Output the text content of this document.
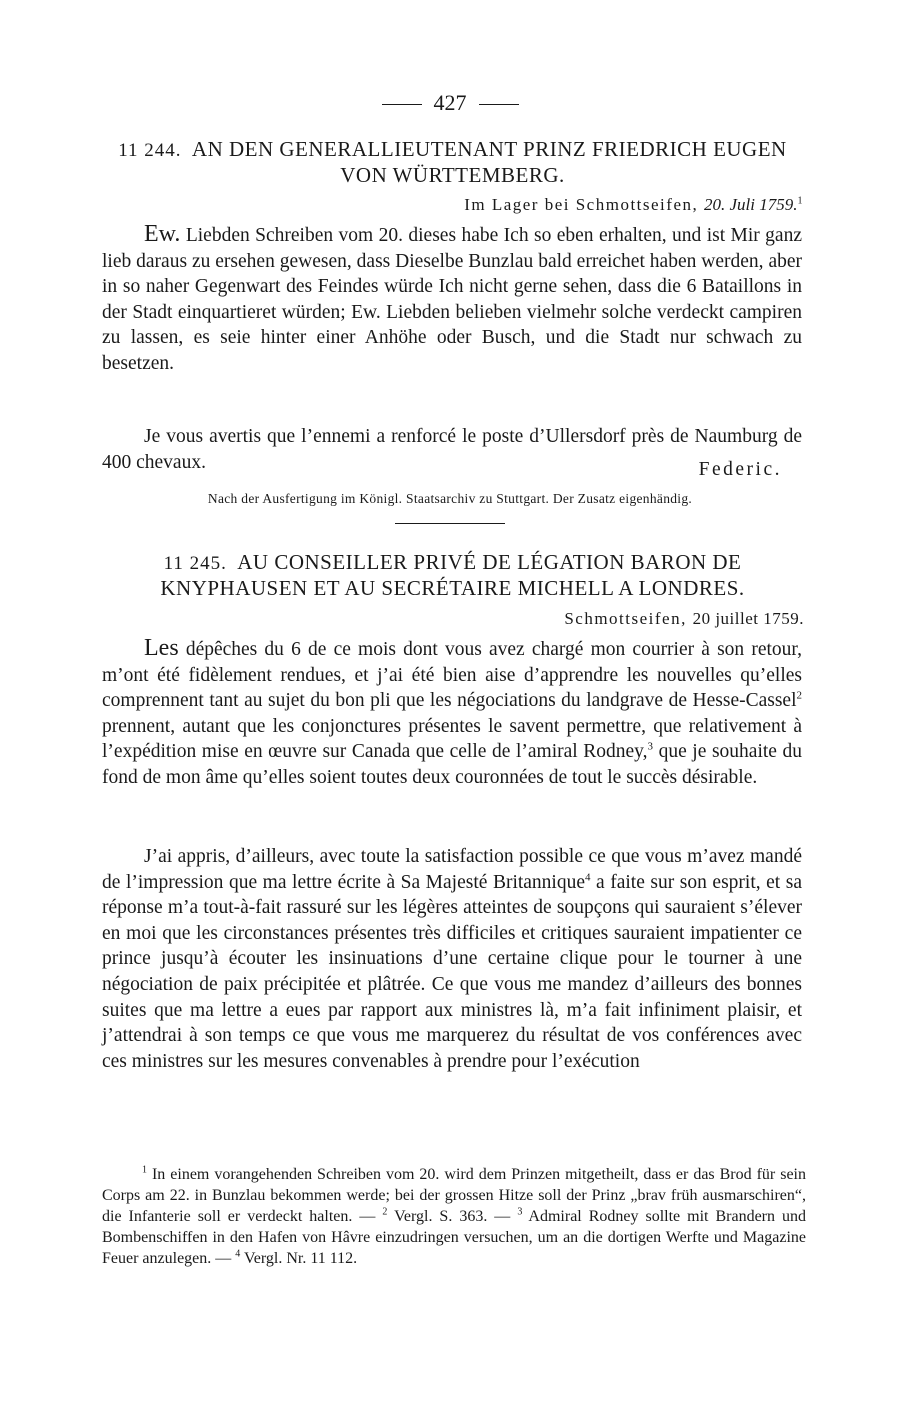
427
11 244. AN DEN GENERALLIEUTENANT PRINZ FRIEDRICH EUGEN VON WÜRTTEMBERG.
Im Lager bei Schmottseifen, 20. Juli 1759.$^1$

Ew. Liebden Schreiben vom 20. dieses habe Ich so eben erhalten, und ist Mir ganz lieb daraus zu ersehen gewesen, dass Dieselbe Bunzlau bald erreichet haben werden, aber in so naher Gegenwart des Feindes würde Ich nicht gerne sehen, dass die 6 Bataillons in der Stadt einquartieret würden; Ew. Liebden belieben vielmehr solche verdeckt campiren zu lassen, es seie hinter einer Anhöhe oder Busch, und die Stadt nur schwach zu besetzen.

Je vous avertis que l’ennemi a renforcé le poste d’Ullersdorf près de Naumburg de 400 chevaux.	Federic.
Nach der Ausfertigung im Königl. Staatsarchiv zu Stuttgart. Der Zusatz eigenhändig.
11 245. AU CONSEILLER PRIVÉ DE LÉGATION BARON DE KNYPHAUSEN ET AU SECRÉTAIRE MICHELL A LONDRES.
Schmottseifen, 20 juillet 1759.

Les dépêches du 6 de ce mois dont vous avez chargé mon courrier à son retour, m’ont été fidèlement rendues, et j’ai été bien aise d’apprendre les nouvelles qu’elles comprennent tant au sujet du bon pli que les négociations du landgrave de Hesse-Cassel$^2$ prennent, autant que les conjonctures présentes le savent permettre, que relativement à l’expédition mise en œuvre sur Canada que celle de l’amiral Rodney,$^3$ que je souhaite du fond de mon âme qu’elles soient toutes deux couronnées de tout le succès désirable.

J’ai appris, d’ailleurs, avec toute la satisfaction possible ce que vous m’avez mandé de l’impression que ma lettre écrite à Sa Majesté Britannique$^4$ a faite sur son esprit, et sa réponse m’a tout-à-fait rassuré sur les légères atteintes de soupçons qui sauraient s’élever en moi que les circonstances présentes très difficiles et critiques sauraient impatienter ce prince jusqu’à écouter les insinuations d’une certaine clique pour le tourner à une négociation de paix précipitée et plâtrée. Ce que vous me mandez d’ailleurs des bonnes suites que ma lettre a eues par rapport aux ministres là, m’a fait infiniment plaisir, et j’attendrai à son temps ce que vous me marquerez du résultat de vos conférences avec ces ministres sur les mesures convenables à prendre pour l’exécution

$^1$ In einem vorangehenden Schreiben vom 20. wird dem Prinzen mitgetheilt, dass er das Brod für sein Corps am 22. in Bunzlau bekommen werde; bei der grossen Hitze soll der Prinz „brav früh ausmarschiren“, die Infanterie soll er verdeckt halten. — $^2$ Vergl. S. 363. — $^3$ Admiral Rodney sollte mit Brandern und Bombenschiffen in den Hafen von Hâvre einzudringen versuchen, um an die dortigen Werfte und Magazine Feuer anzulegen. — $^4$ Vergl. Nr. 11 112.
